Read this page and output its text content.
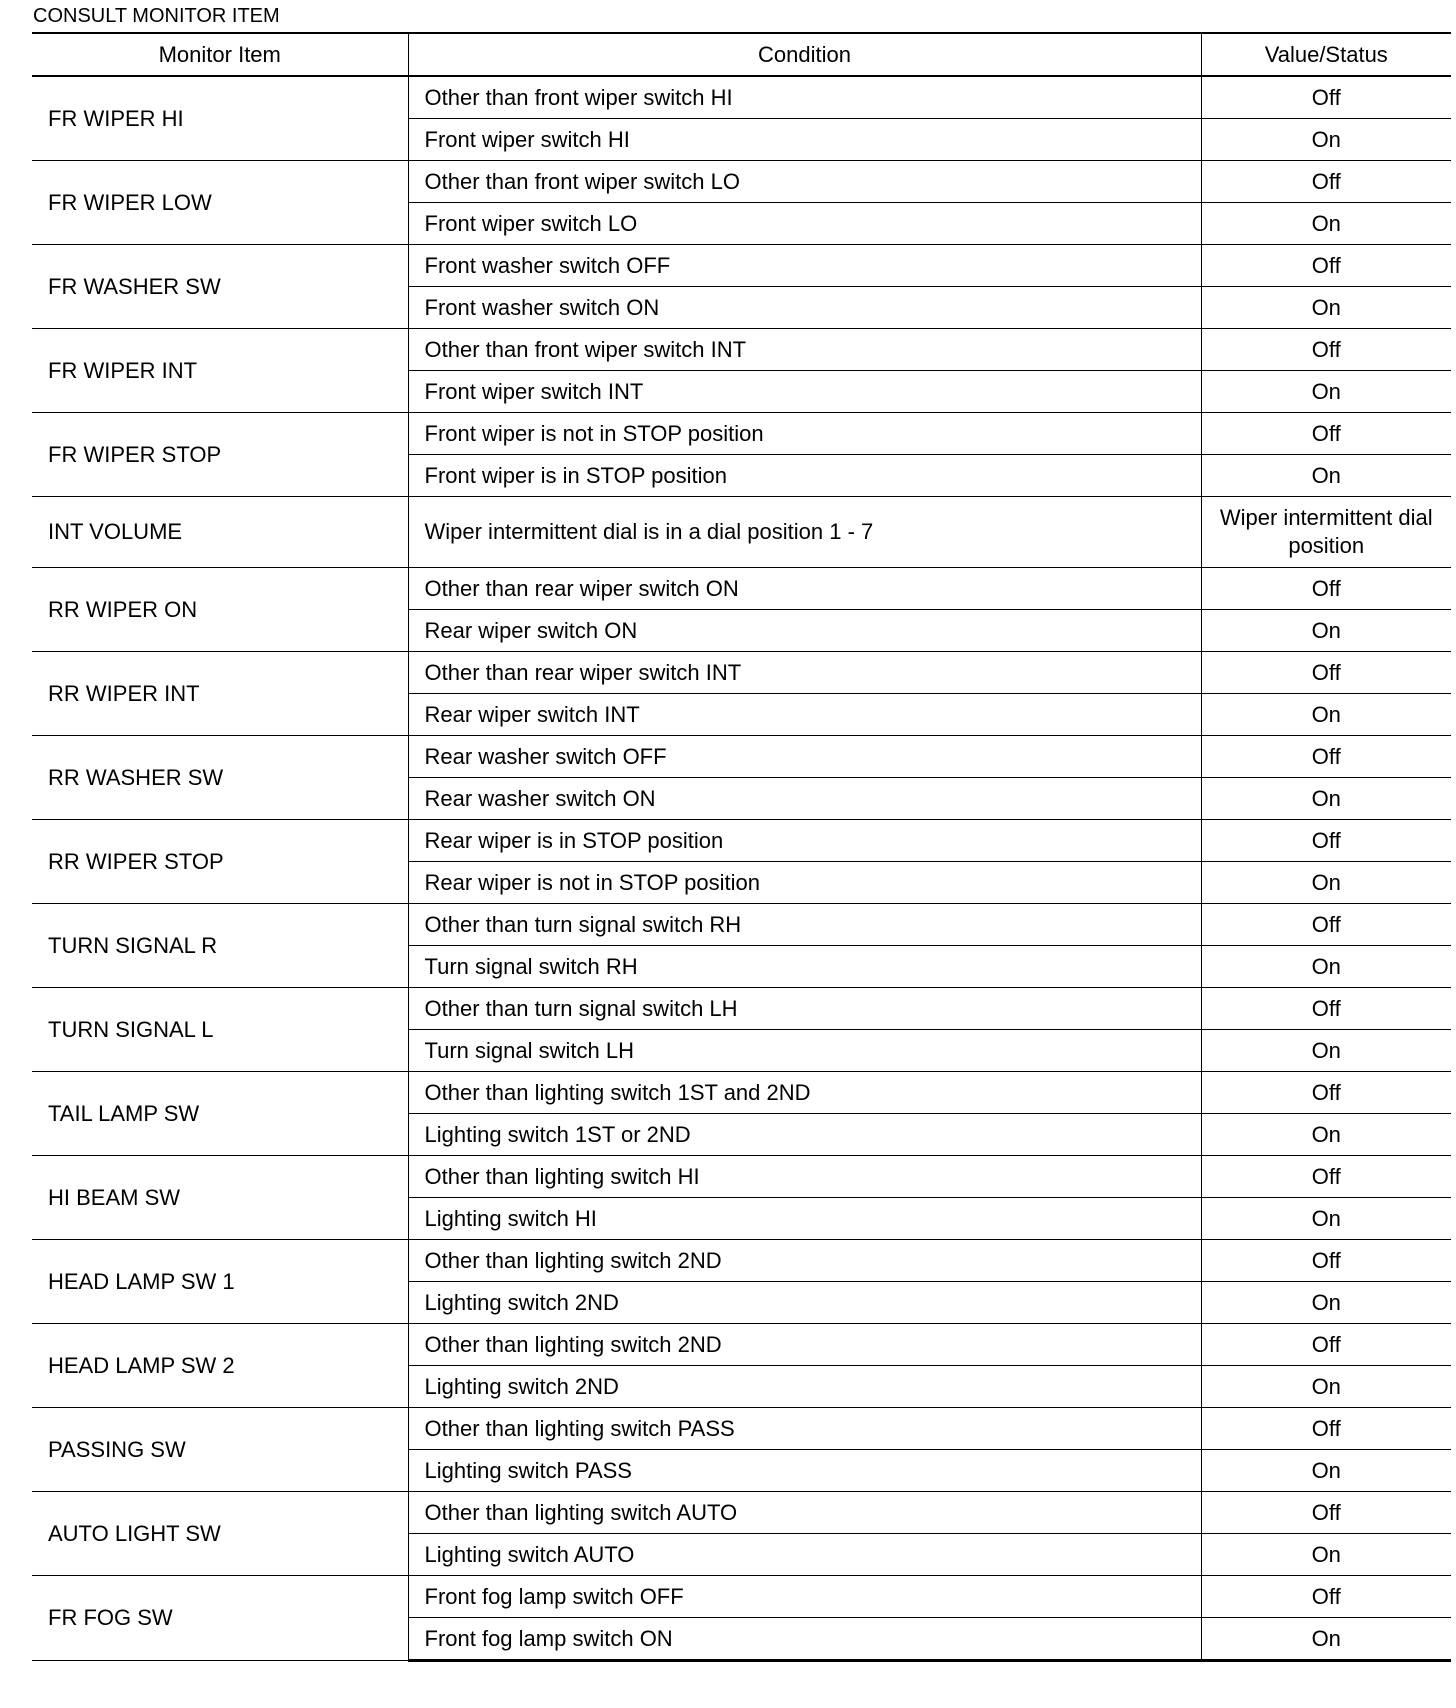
CONSULT MONITOR ITEM
Monitor Item	Condition	Value/Status
FR WIPER HI	Other than front wiper switch HI	Off
	Front wiper switch HI	On
FR WIPER LOW	Other than front wiper switch LO	Off
	Front wiper switch LO	On
FR WASHER SW	Front washer switch OFF	Off
	Front washer switch ON	On
FR WIPER INT	Other than front wiper switch INT	Off
	Front wiper switch INT	On
FR WIPER STOP	Front wiper is not in STOP position	Off
	Front wiper is in STOP position	On
INT VOLUME	Wiper intermittent dial is in a dial position 1 - 7	Wiper intermittent dial position
RR WIPER ON	Other than rear wiper switch ON	Off
	Rear wiper switch ON	On
RR WIPER INT	Other than rear wiper switch INT	Off
	Rear wiper switch INT	On
RR WASHER SW	Rear washer switch OFF	Off
	Rear washer switch ON	On
RR WIPER STOP	Rear wiper is in STOP position	Off
	Rear wiper is not in STOP position	On
TURN SIGNAL R	Other than turn signal switch RH	Off
	Turn signal switch RH	On
TURN SIGNAL L	Other than turn signal switch LH	Off
	Turn signal switch LH	On
TAIL LAMP SW	Other than lighting switch 1ST and 2ND	Off
	Lighting switch 1ST or 2ND	On
HI BEAM SW	Other than lighting switch HI	Off
	Lighting switch HI	On
HEAD LAMP SW 1	Other than lighting switch 2ND	Off
	Lighting switch 2ND	On
HEAD LAMP SW 2	Other than lighting switch 2ND	Off
	Lighting switch 2ND	On
PASSING SW	Other than lighting switch PASS	Off
	Lighting switch PASS	On
AUTO LIGHT SW	Other than lighting switch AUTO	Off
	Lighting switch AUTO	On
FR FOG SW	Front fog lamp switch OFF	Off
	Front fog lamp switch ON	On
